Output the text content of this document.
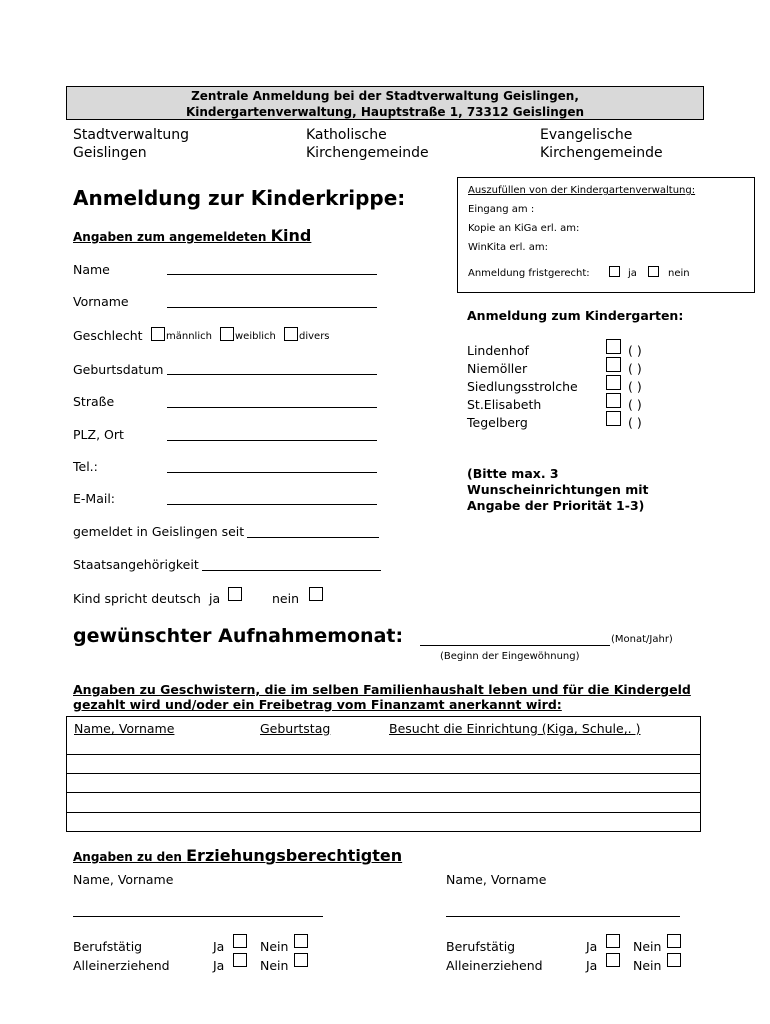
Zentrale Anmeldung bei der Stadtverwaltung Geislingen,
Kindergartenverwaltung, Hauptstraße 1, 73312 Geislingen
Stadtverwaltung
Geislingen
Katholische
Kirchengemeinde
Evangelische
Kirchengemeinde
Anmeldung zur Kinderkrippe:
Angaben zum angemeldeten Kind
Name
Vorname
Geschlecht männlich weiblich divers
Geburtsdatum
Straße
PLZ, Ort
Tel.:
E-Mail:
gemeldet in Geislingen seit
Staatsangehörigkeit
Kind spricht deutsch ja	nein
Auszufüllen von der Kindergartenverwaltung:
Eingang am :
Kopie an KiGa erl. am:
WinKita erl. am:
Anmeldung fristgerecht:	ja	nein
Anmeldung zum Kindergarten:
Lindenhof	( )
Niemöller	( )
Siedlungsstrolche	( )
St.Elisabeth	( )
Tegelberg	( )
(Bitte max. 3
Wunscheinrichtungen mit
Angabe der Priorität 1-3)
gewünschter Aufnahmemonat:	(Monat/Jahr)
(Beginn der Eingewöhnung)
Angaben zu Geschwistern, die im selben Familienhaushalt leben und für die Kindergeld
gezahlt wird und/oder ein Freibetrag vom Finanzamt anerkannt wird:
Name, Vorname	Geburtstag	Besucht die Einrichtung (Kiga, Schule,. )
Angaben zu den Erziehungsberechtigten
Name, Vorname	Name, Vorname
Berufstätig	Ja	Nein
Alleinerziehend	Ja	Nein
Berufstätig	Ja	Nein
Alleinerziehend	Ja	Nein
